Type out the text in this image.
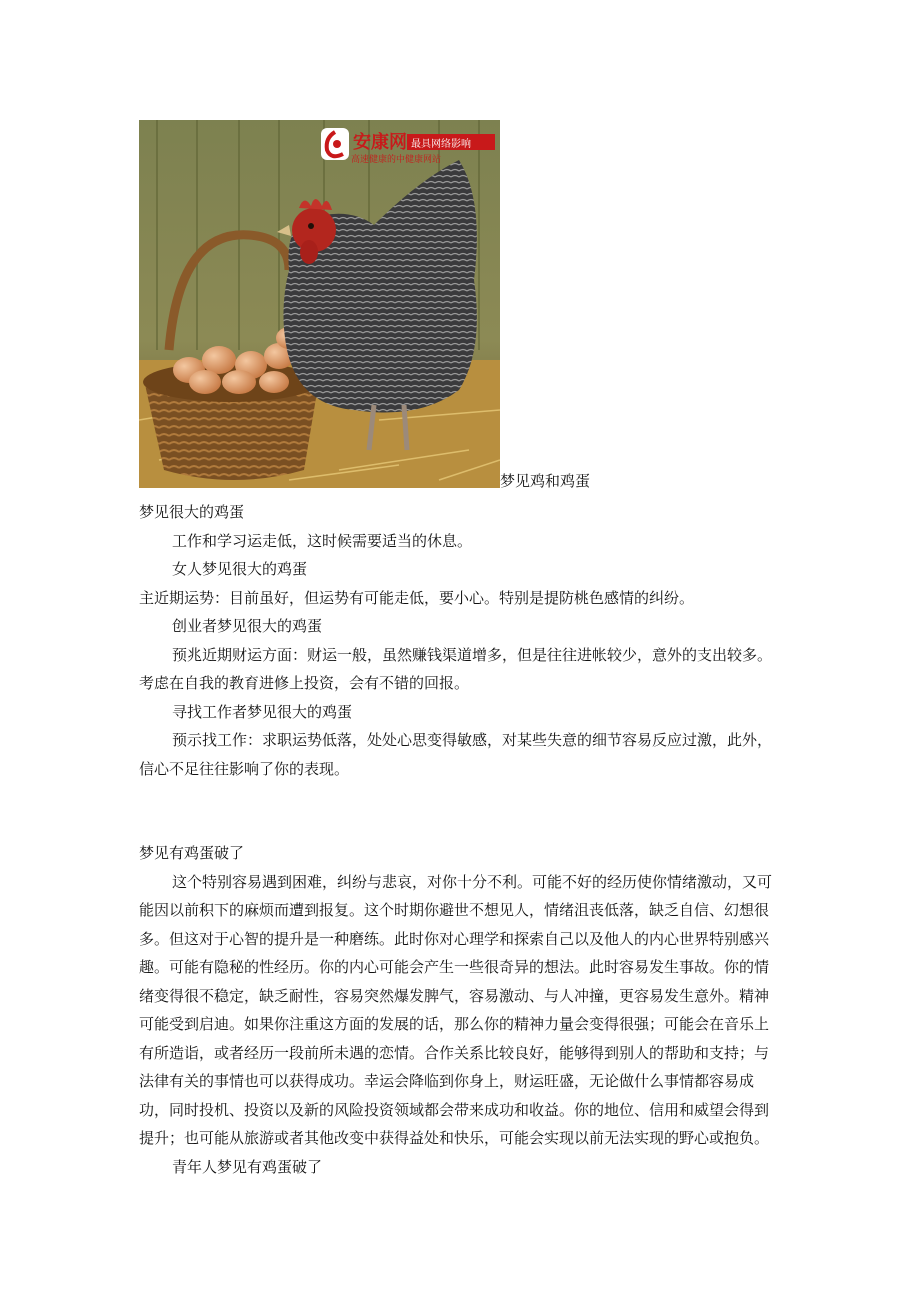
安康网 最具网络影响
高速健康的中健康网站
梦见鸡和鸡蛋

梦见很大的鸡蛋

工作和学习运走低，这时候需要适当的休息。

女人梦见很大的鸡蛋

主近期运势：目前虽好，但运势有可能走低，要小心。特别是提防桃色感情的纠纷。

创业者梦见很大的鸡蛋

预兆近期财运方面：财运一般，虽然赚钱渠道增多，但是往往进帐较少，意外的支出较多。考虑在自我的教育进修上投资，会有不错的回报。

寻找工作者梦见很大的鸡蛋

预示找工作：求职运势低落，处处心思变得敏感，对某些失意的细节容易反应过激，此外，信心不足往往影响了你的表现。

梦见有鸡蛋破了

这个特别容易遇到困难，纠纷与悲哀，对你十分不利。可能不好的经历使你情绪激动，又可能因以前积下的麻烦而遭到报复。这个时期你避世不想见人，情绪沮丧低落，缺乏自信、幻想很多。但这对于心智的提升是一种磨练。此时你对心理学和探索自己以及他人的内心世界特别感兴趣。可能有隐秘的性经历。你的内心可能会产生一些很奇异的想法。此时容易发生事故。你的情绪变得很不稳定，缺乏耐性，容易突然爆发脾气，容易激动、与人冲撞，更容易发生意外。精神可能受到启迪。如果你注重这方面的发展的话，那么你的精神力量会变得很强；可能会在音乐上有所造诣，或者经历一段前所未遇的恋情。合作关系比较良好，能够得到别人的帮助和支持；与法律有关的事情也可以获得成功。幸运会降临到你身上，财运旺盛，无论做什么事情都容易成功，同时投机、投资以及新的风险投资领域都会带来成功和收益。你的地位、信用和威望会得到提升；也可能从旅游或者其他改变中获得益处和快乐，可能会实现以前无法实现的野心或抱负。

青年人梦见有鸡蛋破了
